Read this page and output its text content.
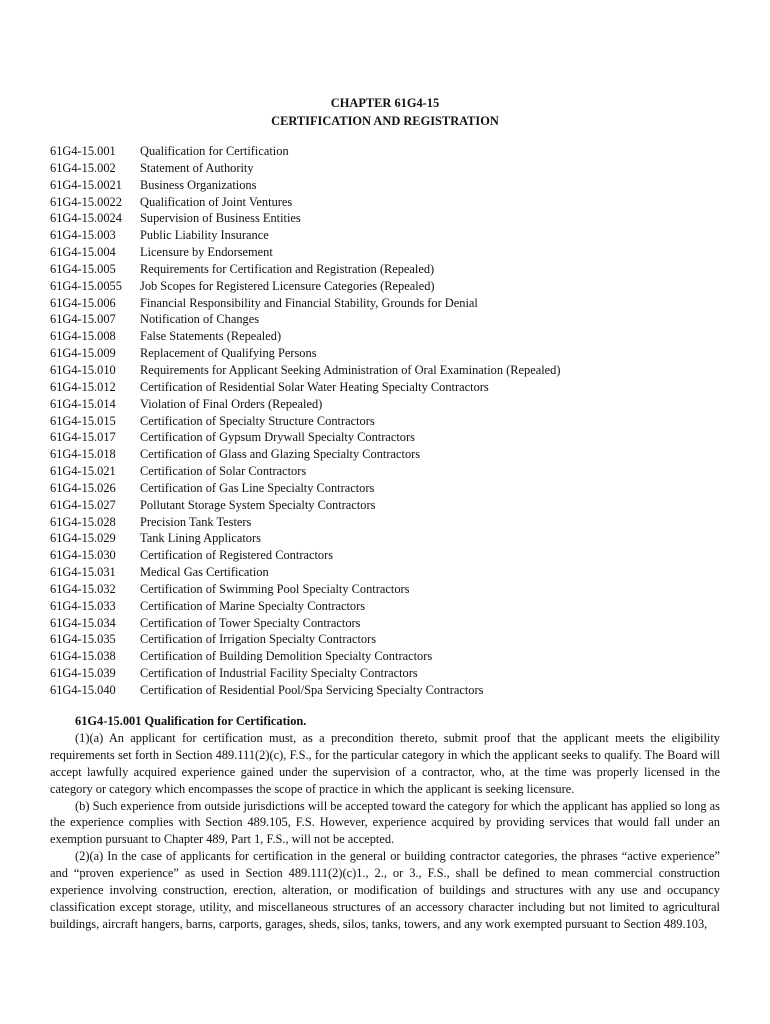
CHAPTER 61G4-15
CERTIFICATION AND REGISTRATION
61G4-15.001	Qualification for Certification
61G4-15.002	Statement of Authority
61G4-15.0021	Business Organizations
61G4-15.0022	Qualification of Joint Ventures
61G4-15.0024	Supervision of Business Entities
61G4-15.003	Public Liability Insurance
61G4-15.004	Licensure by Endorsement
61G4-15.005	Requirements for Certification and Registration (Repealed)
61G4-15.0055	Job Scopes for Registered Licensure Categories (Repealed)
61G4-15.006	Financial Responsibility and Financial Stability, Grounds for Denial
61G4-15.007	Notification of Changes
61G4-15.008	False Statements (Repealed)
61G4-15.009	Replacement of Qualifying Persons
61G4-15.010	Requirements for Applicant Seeking Administration of Oral Examination (Repealed)
61G4-15.012	Certification of Residential Solar Water Heating Specialty Contractors
61G4-15.014	Violation of Final Orders (Repealed)
61G4-15.015	Certification of Specialty Structure Contractors
61G4-15.017	Certification of Gypsum Drywall Specialty Contractors
61G4-15.018	Certification of Glass and Glazing Specialty Contractors
61G4-15.021	Certification of Solar Contractors
61G4-15.026	Certification of Gas Line Specialty Contractors
61G4-15.027	Pollutant Storage System Specialty Contractors
61G4-15.028	Precision Tank Testers
61G4-15.029	Tank Lining Applicators
61G4-15.030	Certification of Registered Contractors
61G4-15.031	Medical Gas Certification
61G4-15.032	Certification of Swimming Pool Specialty Contractors
61G4-15.033	Certification of Marine Specialty Contractors
61G4-15.034	Certification of Tower Specialty Contractors
61G4-15.035	Certification of Irrigation Specialty Contractors
61G4-15.038	Certification of Building Demolition Specialty Contractors
61G4-15.039	Certification of Industrial Facility Specialty Contractors
61G4-15.040	Certification of Residential Pool/Spa Servicing Specialty Contractors

61G4-15.001 Qualification for Certification.

(1)(a) An applicant for certification must, as a precondition thereto, submit proof that the applicant meets the eligibility requirements set forth in Section 489.111(2)(c), F.S., for the particular category in which the applicant seeks to qualify. The Board will accept lawfully acquired experience gained under the supervision of a contractor, who, at the time was properly licensed in the category or category which encompasses the scope of practice in which the applicant is seeking licensure.

(b) Such experience from outside jurisdictions will be accepted toward the category for which the applicant has applied so long as the experience complies with Section 489.105, F.S. However, experience acquired by providing services that would fall under an exemption pursuant to Chapter 489, Part 1, F.S., will not be accepted.

(2)(a) In the case of applicants for certification in the general or building contractor categories, the phrases “active experience” and “proven experience” as used in Section 489.111(2)(c)1., 2., or 3., F.S., shall be defined to mean commercial construction experience involving construction, erection, alteration, or modification of buildings and structures with any use and occupancy classification except storage, utility, and miscellaneous structures of an accessory character including but not limited to agricultural buildings, aircraft hangers, barns, carports, garages, sheds, silos, tanks, towers, and any work exempted pursuant to Section 489.103,
